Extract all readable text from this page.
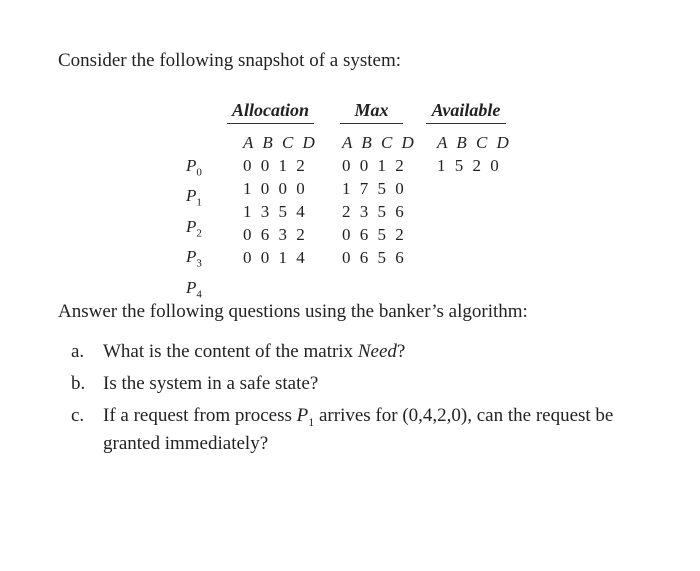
Consider the following snapshot of a system:
Allocation	Max	Available
$P_0$
$P_1$
$P_2$
$P_3$
$P_4$
A B C D
0 0 1 2
1 0 0 0
1 3 5 4
0 6 3 2
0 0 1 4
A B C D
0 0 1 2
1 7 5 0
2 3 5 6
0 6 5 2
0 6 5 6
A B C D
1 5 2 0
Answer the following questions using the banker’s algorithm:
a. What is the content of the matrix Need?
b. Is the system in a safe state?
c. If a request from process $P_1$ arrives for (0,4,2,0), can the request be granted immediately?
